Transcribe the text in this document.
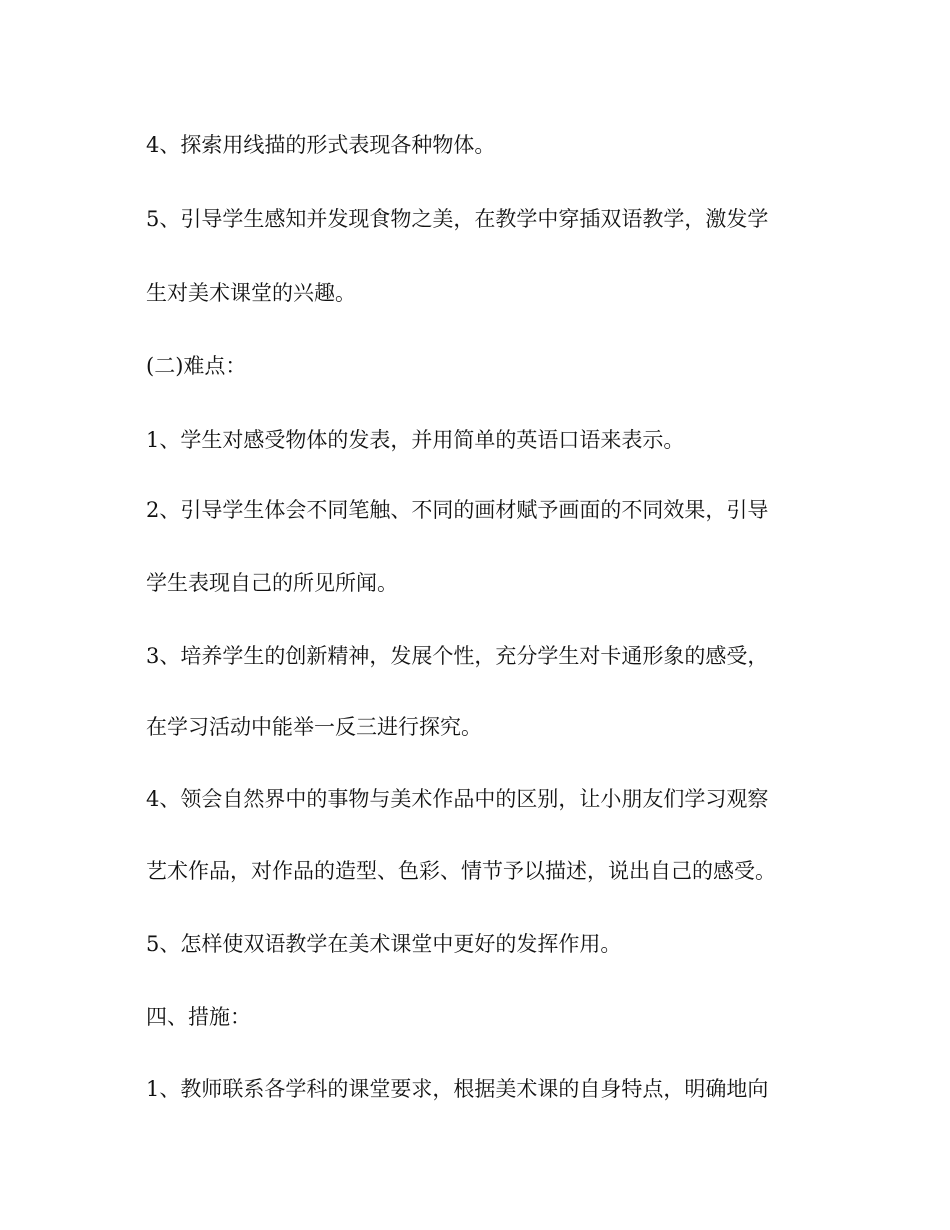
4、探索用线描的形式表现各种物体。

5、引导学生感知并发现食物之美，在教学中穿插双语教学，激发学

生对美术课堂的兴趣。

(二)难点：

1、学生对感受物体的发表，并用简单的英语口语来表示。

2、引导学生体会不同笔触、不同的画材赋予画面的不同效果，引导

学生表现自己的所见所闻。

3、培养学生的创新精神，发展个性，充分学生对卡通形象的感受，

在学习活动中能举一反三进行探究。

4、领会自然界中的事物与美术作品中的区别，让小朋友们学习观察

艺术作品，对作品的造型、色彩、情节予以描述，说出自己的感受。

5、怎样使双语教学在美术课堂中更好的发挥作用。

四、措施：

1、教师联系各学科的课堂要求，根据美术课的自身特点，明确地向
